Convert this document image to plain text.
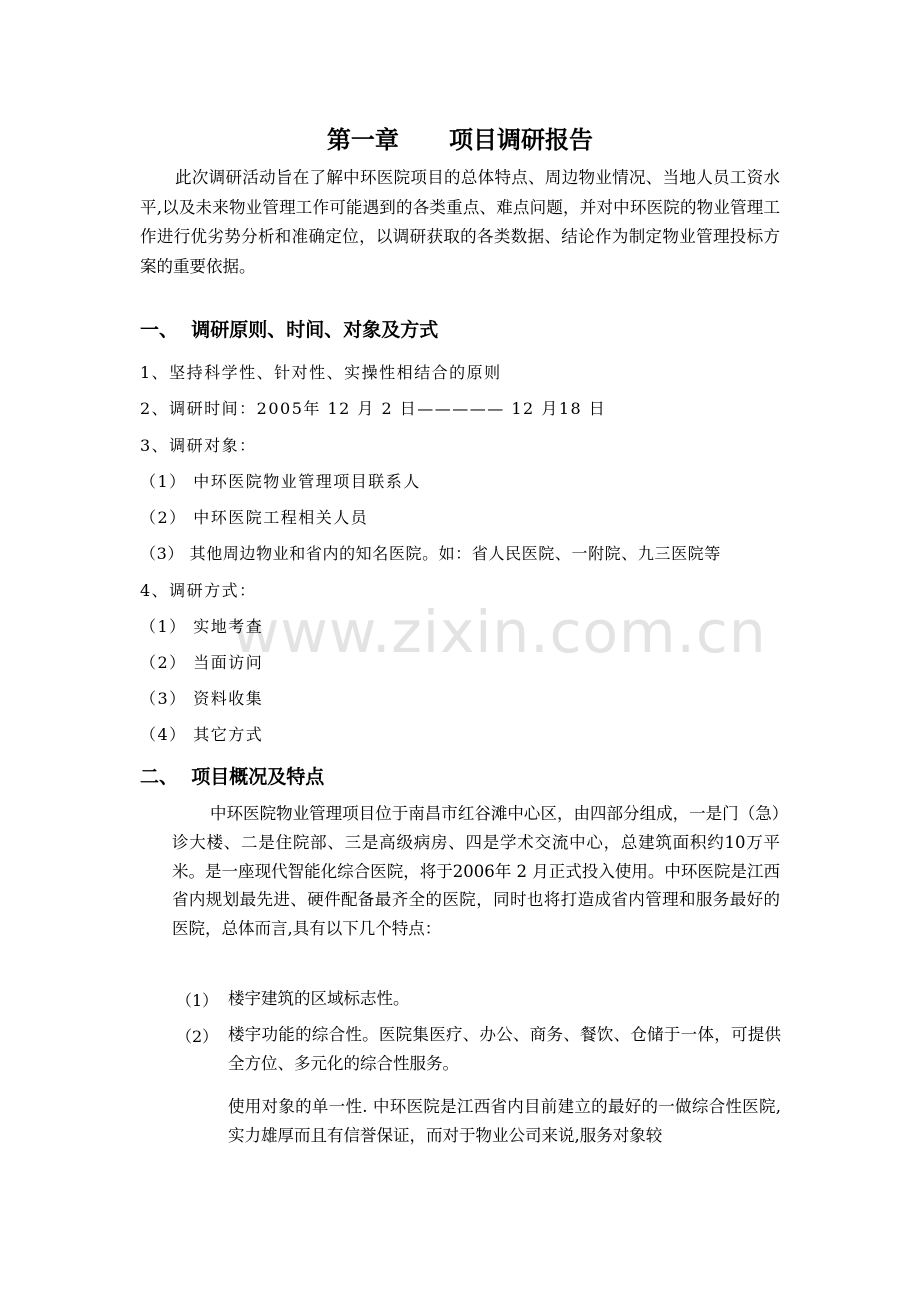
www.zixin.com.cn
第一章      项目调研报告
此次调研活动旨在了解中环医院项目的总体特点、周边物业情况、当地人员工资水平,以及未来物业管理工作可能遇到的各类重点、难点问题，并对中环医院的物业管理工作进行优劣势分析和准确定位，以调研获取的各类数据、结论作为制定物业管理投标方案的重要依据。
一、  调研原则、时间、对象及方式
1、坚持科学性、针对性、实操性相结合的原则
2、调研时间：2005年 12 月 2 日————— 12 月18 日
3、调研对象：
（1） 中环医院物业管理项目联系人
（2） 中环医院工程相关人员
（3） 其他周边物业和省内的知名医院。如：省人民医院、一附院、九三医院等
4、调研方式：
（1） 实地考查
（2） 当面访问
（3） 资料收集
（4） 其它方式
二、  项目概况及特点
中环医院物业管理项目位于南昌市红谷滩中心区，由四部分组成，一是门（急）诊大楼、二是住院部、三是高级病房、四是学术交流中心，总建筑面积约10万平米。是一座现代智能化综合医院，将于2006年 2 月正式投入使用。中环医院是江西省内规划最先进、硬件配备最齐全的医院，同时也将打造成省内管理和服务最好的医院，总体而言,具有以下几个特点：
（1） 楼宇建筑的区域标志性。
（2） 楼宇功能的综合性。医院集医疗、办公、商务、餐饮、仓储于一体，可提供全方位、多元化的综合性服务。
使用对象的单一性. 中环医院是江西省内目前建立的最好的一做综合性医院,实力雄厚而且有信誉保证，而对于物业公司来说,服务对象较
